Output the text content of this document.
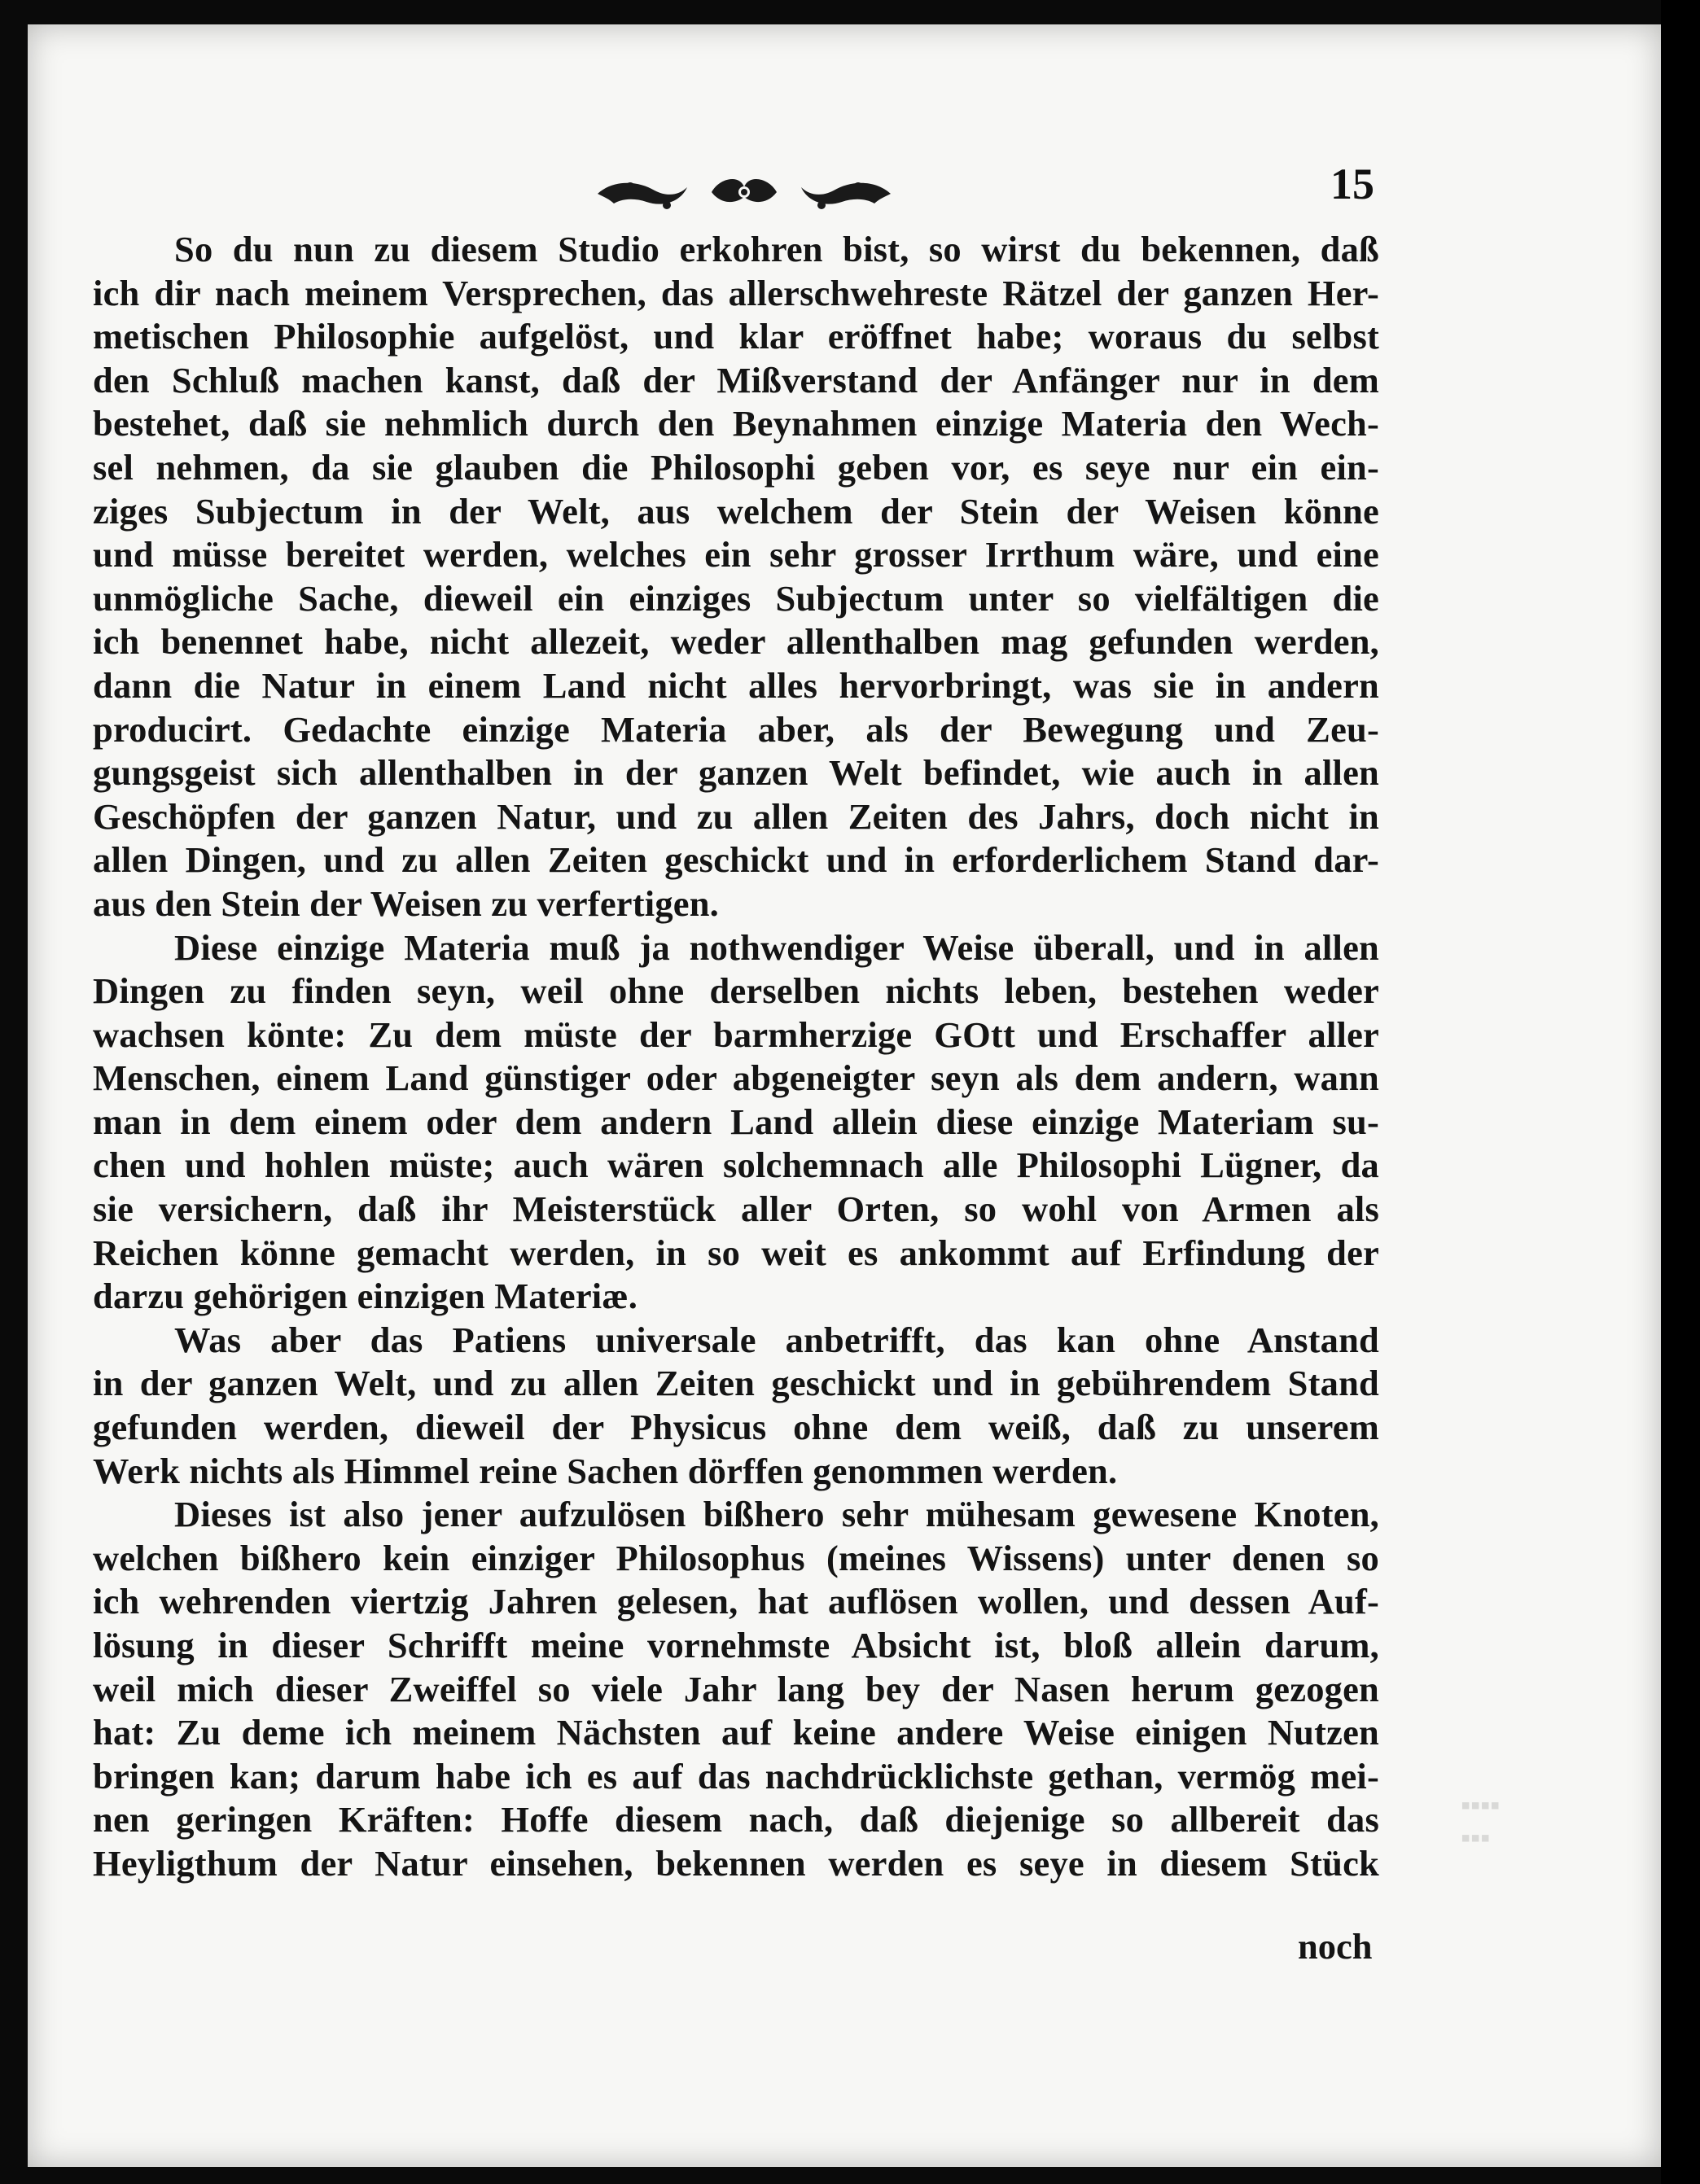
▪▪▪▪
▪▪▪
15
So du nun zu diesem Studio erkohren bist, so wirst du bekennen, daß
ich dir nach meinem Versprechen, das allerschwehreste Rätzel der ganzen Her-
metischen Philosophie aufgelöst, und klar eröffnet habe; woraus du selbst
den Schluß machen kanst, daß der Mißverstand der Anfänger nur in dem
bestehet, daß sie nehmlich durch den Beynahmen einzige Materia den Wech-
sel nehmen, da sie glauben die Philosophi geben vor, es seye nur ein ein-
ziges Subjectum in der Welt, aus welchem der Stein der Weisen könne
und müsse bereitet werden, welches ein sehr grosser Irrthum wäre, und eine
unmögliche Sache, dieweil ein einziges Subjectum unter so vielfältigen die
ich benennet habe, nicht allezeit, weder allenthalben mag gefunden werden,
dann die Natur in einem Land nicht alles hervorbringt, was sie in andern
producirt. Gedachte einzige Materia aber, als der Bewegung und Zeu-
gungsgeist sich allenthalben in der ganzen Welt befindet, wie auch in allen
Geschöpfen der ganzen Natur, und zu allen Zeiten des Jahrs, doch nicht in
allen Dingen, und zu allen Zeiten geschickt und in erforderlichem Stand dar-
aus den Stein der Weisen zu verfertigen.
Diese einzige Materia muß ja nothwendiger Weise überall, und in allen
Dingen zu finden seyn, weil ohne derselben nichts leben, bestehen weder
wachsen könte: Zu dem müste der barmherzige GOtt und Erschaffer aller
Menschen, einem Land günstiger oder abgeneigter seyn als dem andern, wann
man in dem einem oder dem andern Land allein diese einzige Materiam su-
chen und hohlen müste; auch wären solchemnach alle Philosophi Lügner, da
sie versichern, daß ihr Meisterstück aller Orten, so wohl von Armen als
Reichen könne gemacht werden, in so weit es ankommt auf Erfindung der
darzu gehörigen einzigen Materiæ.
Was aber das Patiens universale anbetrifft, das kan ohne Anstand
in der ganzen Welt, und zu allen Zeiten geschickt und in gebührendem Stand
gefunden werden, dieweil der Physicus ohne dem weiß, daß zu unserem
Werk nichts als Himmel reine Sachen dörffen genommen werden.
Dieses ist also jener aufzulösen bißhero sehr mühesam gewesene Knoten,
welchen bißhero kein einziger Philosophus (meines Wissens) unter denen so
ich wehrenden viertzig Jahren gelesen, hat auflösen wollen, und dessen Auf-
lösung in dieser Schrifft meine vornehmste Absicht ist, bloß allein darum,
weil mich dieser Zweiffel so viele Jahr lang bey der Nasen herum gezogen
hat: Zu deme ich meinem Nächsten auf keine andere Weise einigen Nutzen
bringen kan; darum habe ich es auf das nachdrücklichste gethan, vermög mei-
nen geringen Kräften: Hoffe diesem nach, daß diejenige so allbereit das
Heyligthum der Natur einsehen, bekennen werden es seye in diesem Stück
noch
